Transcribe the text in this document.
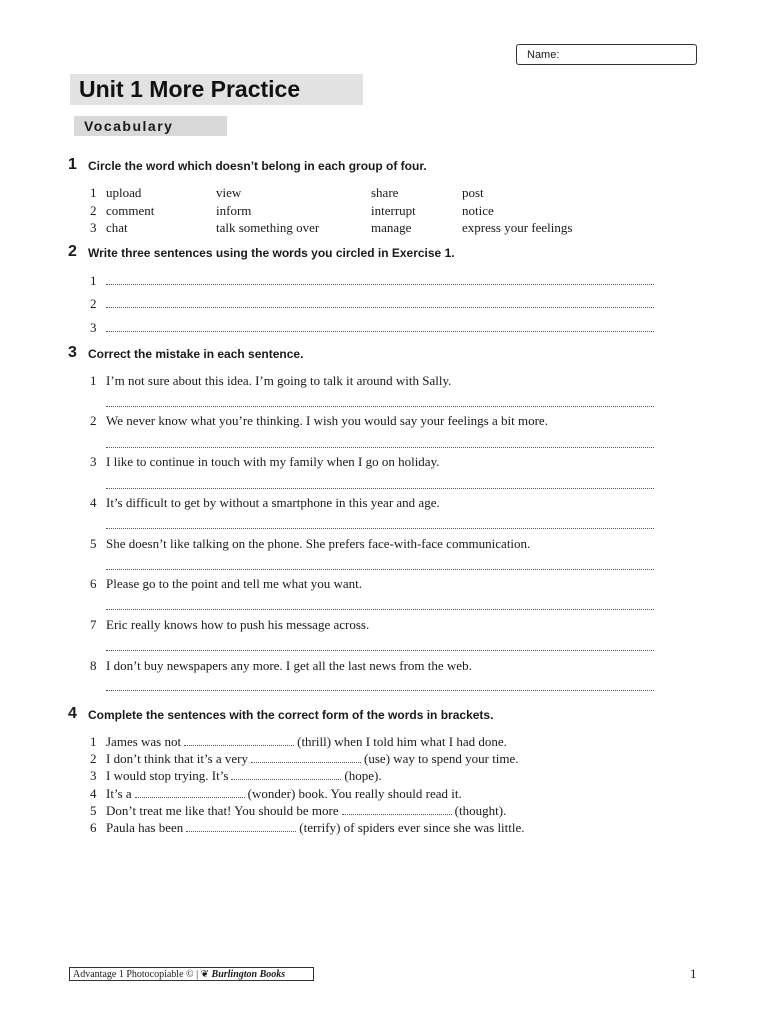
Name:
Unit 1 More Practice
Vocabulary
1 Circle the word which doesn’t belong in each group of four.
1 upload	view	share	post
2 comment	inform	interrupt	notice
3 chat	talk something over	manage	express your feelings
2 Write three sentences using the words you circled in Exercise 1.
1
2
3
3 Correct the mistake in each sentence.
1 I’m not sure about this idea. I’m going to talk it around with Sally.
2 We never know what you’re thinking. I wish you would say your feelings a bit more.
3 I like to continue in touch with my family when I go on holiday.
4 It’s difficult to get by without a smartphone in this year and age.
5 She doesn’t like talking on the phone. She prefers face-with-face communication.
6 Please go to the point and tell me what you want.
7 Eric really knows how to push his message across.
8 I don’t buy newspapers any more. I get all the last news from the web.
4 Complete the sentences with the correct form of the words in brackets.
1 James was not	(thrill) when I told him what I had done.
2 I don’t think that it’s a very	(use) way to spend your time.
3 I would stop trying. It’s	(hope).
4 It’s a	(wonder) book. You really should read it.
5 Don’t treat me like that! You should be more	(thought).
6 Paula has been	(terrify) of spiders ever since she was little.
Advantage 1 Photocopiable © | ❦ Burlington Books	1
